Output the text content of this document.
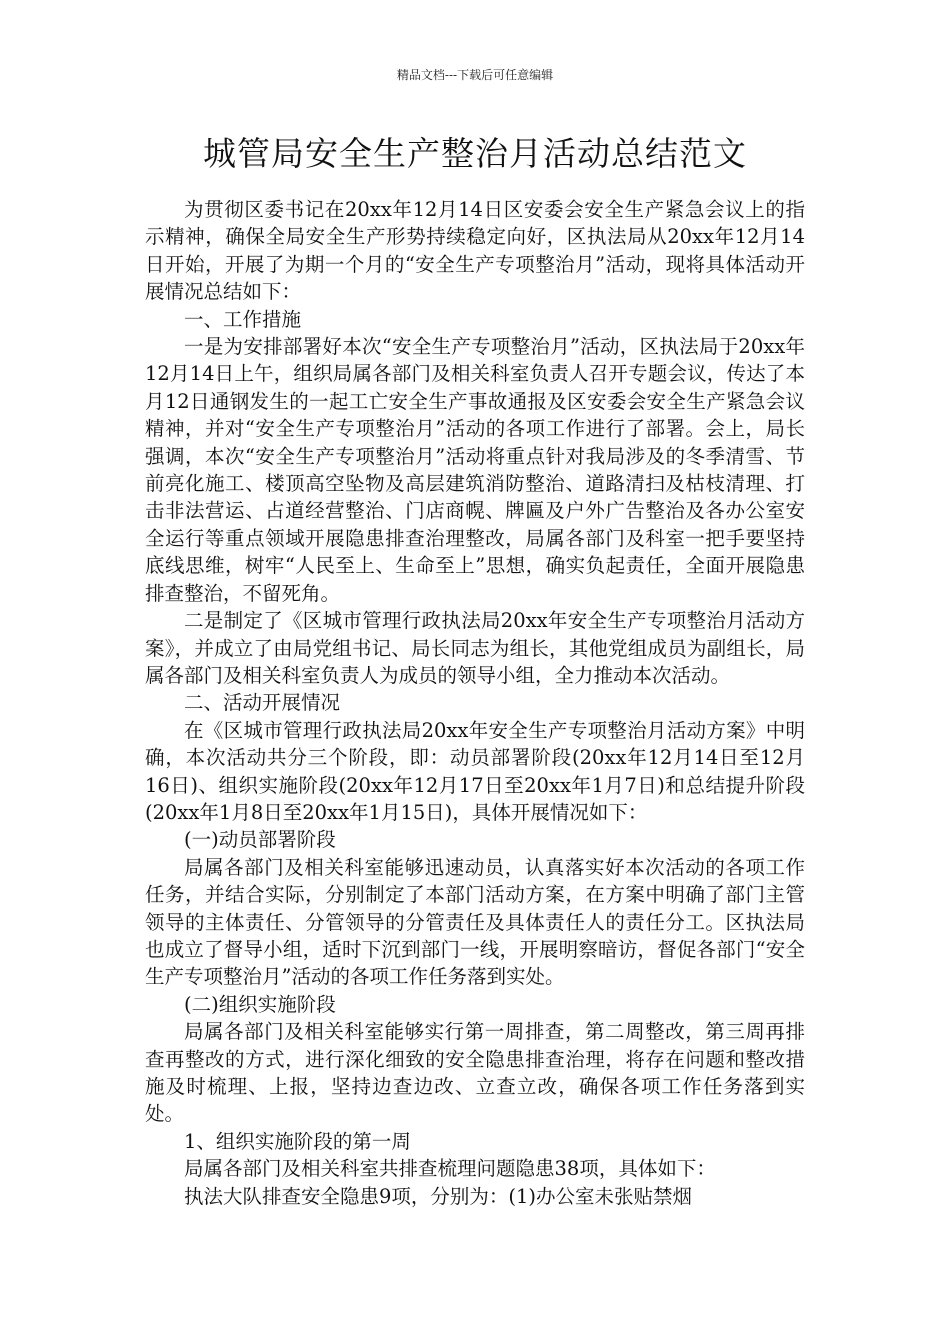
精品文档---下载后可任意编辑
城管局安全生产整治月活动总结范文

为贯彻区委书记在20xx年12月14日区安委会安全生产紧急会议上的指示精神，确保全局安全生产形势持续稳定向好，区执法局从20xx年12月14日开始，开展了为期一个月的“安全生产专项整治月”活动，现将具体活动开展情况总结如下：

一、工作措施

一是为安排部署好本次“安全生产专项整治月”活动，区执法局于20xx年12月14日上午，组织局属各部门及相关科室负责人召开专题会议，传达了本月12日通钢发生的一起工亡安全生产事故通报及区安委会安全生产紧急会议精神，并对“安全生产专项整治月”活动的各项工作进行了部署。会上，局长强调，本次“安全生产专项整治月”活动将重点针对我局涉及的冬季清雪、节前亮化施工、楼顶高空坠物及高层建筑消防整治、道路清扫及枯枝清理、打击非法营运、占道经营整治、门店商幌、牌匾及户外广告整治及各办公室安全运行等重点领域开展隐患排查治理整改，局属各部门及科室一把手要坚持底线思维，树牢“人民至上、生命至上”思想，确实负起责任，全面开展隐患排查整治，不留死角。

二是制定了《区城市管理行政执法局20xx年安全生产专项整治月活动方案》，并成立了由局党组书记、局长同志为组长，其他党组成员为副组长，局属各部门及相关科室负责人为成员的领导小组，全力推动本次活动。

二、活动开展情况

在《区城市管理行政执法局20xx年安全生产专项整治月活动方案》中明确，本次活动共分三个阶段，即：动员部署阶段(20xx年12月14日至12月16日)、组织实施阶段(20xx年12月17日至20xx年1月7日)和总结提升阶段(20xx年1月8日至20xx年1月15日)，具体开展情况如下：

(一)动员部署阶段

局属各部门及相关科室能够迅速动员，认真落实好本次活动的各项工作任务，并结合实际，分别制定了本部门活动方案，在方案中明确了部门主管领导的主体责任、分管领导的分管责任及具体责任人的责任分工。区执法局也成立了督导小组，适时下沉到部门一线，开展明察暗访，督促各部门“安全生产专项整治月”活动的各项工作任务落到实处。

(二)组织实施阶段

局属各部门及相关科室能够实行第一周排查，第二周整改，第三周再排查再整改的方式，进行深化细致的安全隐患排查治理，将存在问题和整改措施及时梳理、上报，坚持边查边改、立查立改，确保各项工作任务落到实处。

1、组织实施阶段的第一周

局属各部门及相关科室共排查梳理问题隐患38项，具体如下：

执法大队排查安全隐患9项，分别为：(1)办公室未张贴禁烟
